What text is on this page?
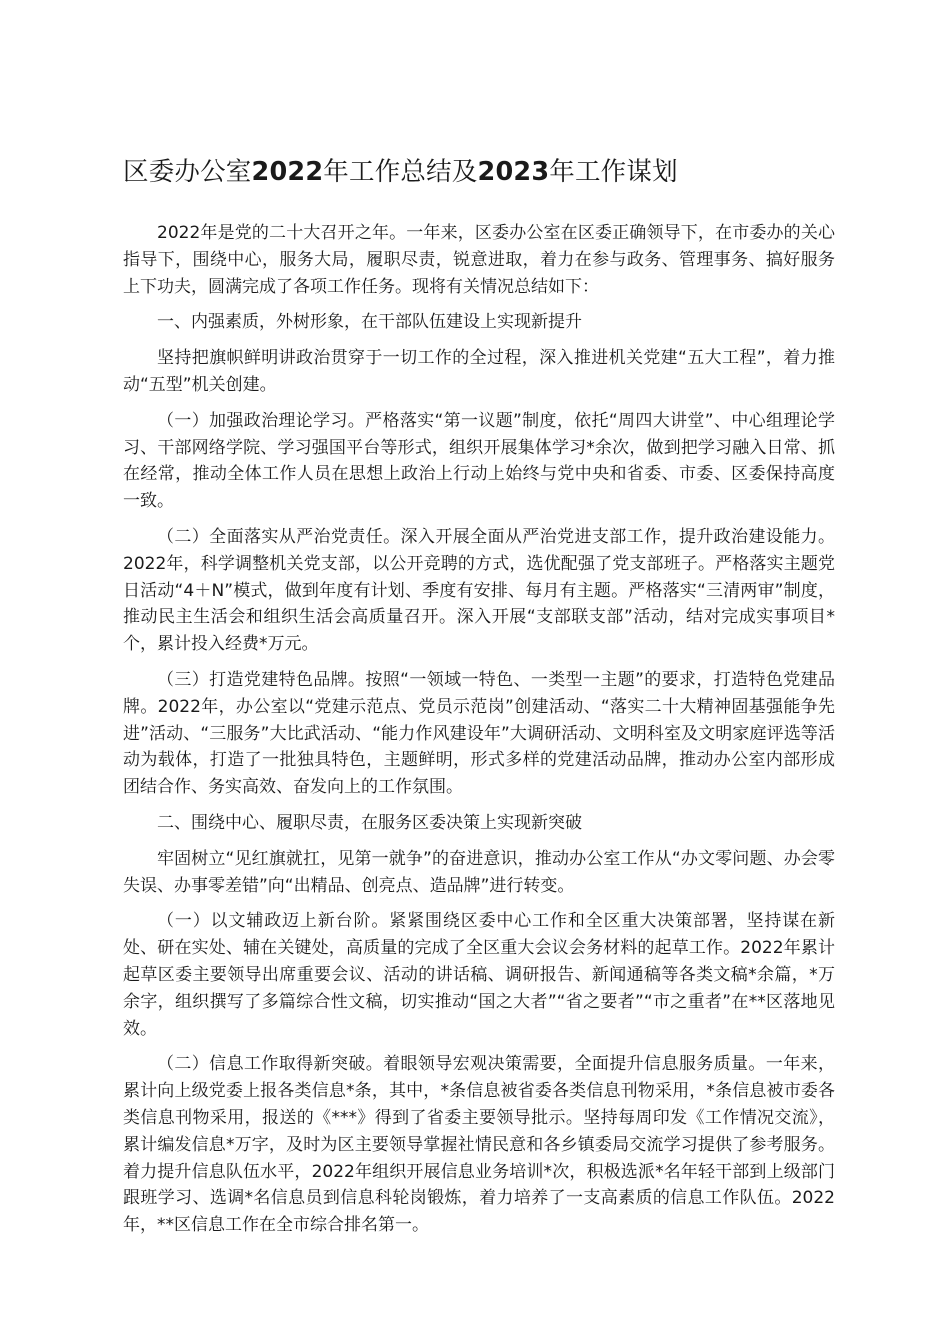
区委办公室2022年工作总结及2023年工作谋划

2022年是党的二十大召开之年。一年来，区委办公室在区委正确领导下，在市委办的关心指导下，围绕中心，服务大局，履职尽责，锐意进取，着力在参与政务、管理事务、搞好服务上下功夫，圆满完成了各项工作任务。现将有关情况总结如下：

一、内强素质，外树形象，在干部队伍建设上实现新提升

坚持把旗帜鲜明讲政治贯穿于一切工作的全过程，深入推进机关党建“五大工程”，着力推动“五型”机关创建。

（一）加强政治理论学习。严格落实“第一议题”制度，依托“周四大讲堂”、中心组理论学习、干部网络学院、学习强国平台等形式，组织开展集体学习*余次，做到把学习融入日常、抓在经常，推动全体工作人员在思想上政治上行动上始终与党中央和省委、市委、区委保持高度一致。

（二）全面落实从严治党责任。深入开展全面从严治党进支部工作，提升政治建设能力。2022年，科学调整机关党支部，以公开竞聘的方式，选优配强了党支部班子。严格落实主题党日活动“4＋N”模式，做到年度有计划、季度有安排、每月有主题。严格落实“三清两审”制度，推动民主生活会和组织生活会高质量召开。深入开展“支部联支部”活动，结对完成实事项目*个，累计投入经费*万元。

（三）打造党建特色品牌。按照“一领域一特色、一类型一主题”的要求，打造特色党建品牌。2022年，办公室以“党建示范点、党员示范岗”创建活动、“落实二十大精神固基强能争先进”活动、“三服务”大比武活动、“能力作风建设年”大调研活动、文明科室及文明家庭评选等活动为载体，打造了一批独具特色，主题鲜明，形式多样的党建活动品牌，推动办公室内部形成团结合作、务实高效、奋发向上的工作氛围。

二、围绕中心、履职尽责，在服务区委决策上实现新突破

牢固树立“见红旗就扛，见第一就争”的奋进意识，推动办公室工作从“办文零问题、办会零失误、办事零差错”向“出精品、创亮点、造品牌”进行转变。

（一）以文辅政迈上新台阶。紧紧围绕区委中心工作和全区重大决策部署，坚持谋在新处、研在实处、辅在关键处，高质量的完成了全区重大会议会务材料的起草工作。2022年累计起草区委主要领导出席重要会议、活动的讲话稿、调研报告、新闻通稿等各类文稿*余篇，*万余字，组织撰写了多篇综合性文稿，切实推动“国之大者”“省之要者”“市之重者”在**区落地见效。

（二）信息工作取得新突破。着眼领导宏观决策需要，全面提升信息服务质量。一年来，累计向上级党委上报各类信息*条，其中，*条信息被省委各类信息刊物采用，*条信息被市委各类信息刊物采用，报送的《***》得到了省委主要领导批示。坚持每周印发《工作情况交流》，累计编发信息*万字，及时为区主要领导掌握社情民意和各乡镇委局交流学习提供了参考服务。着力提升信息队伍水平，2022年组织开展信息业务培训*次，积极选派*名年轻干部到上级部门跟班学习、选调*名信息员到信息科轮岗锻炼，着力培养了一支高素质的信息工作队伍。2022年，**区信息工作在全市综合排名第一。
